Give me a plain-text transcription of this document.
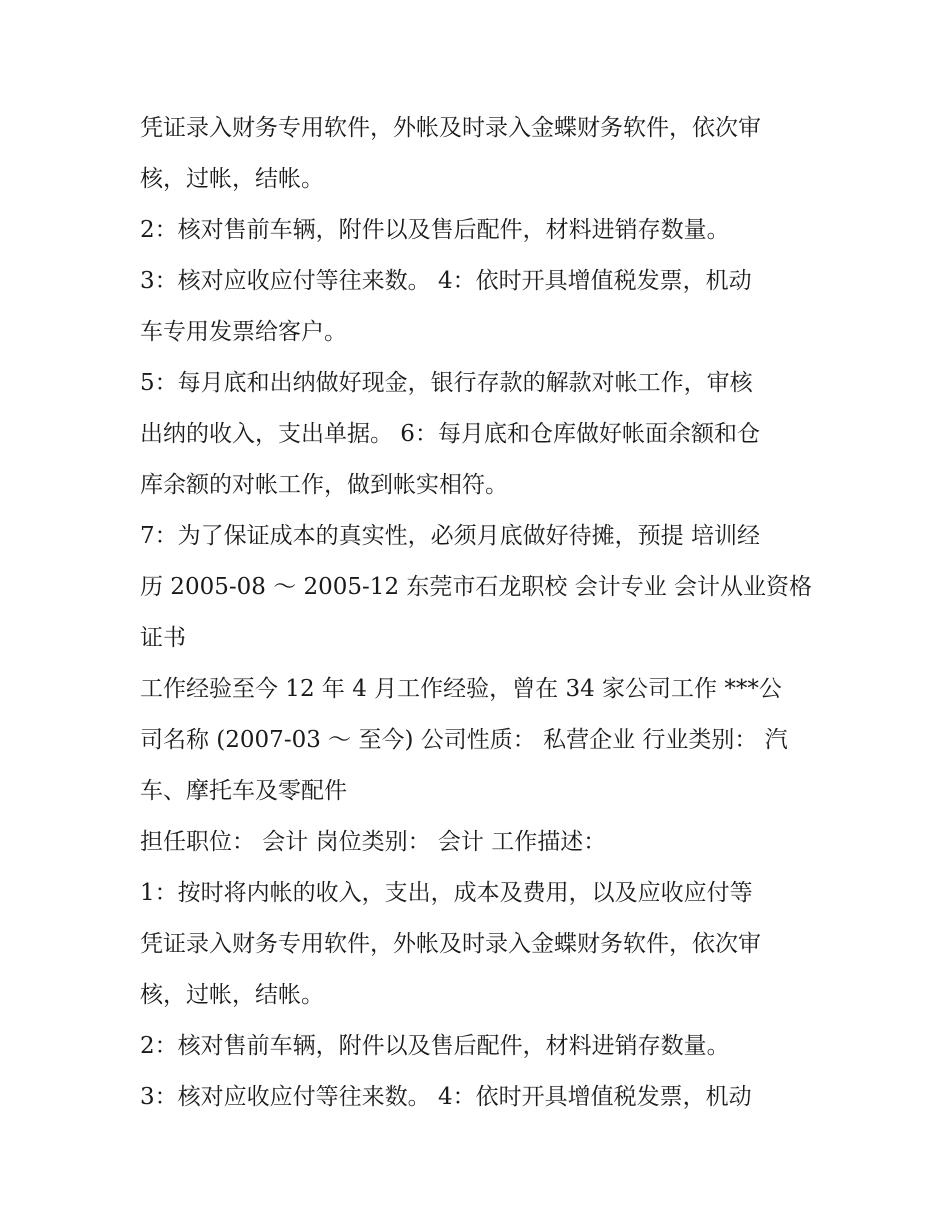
凭证录入财务专用软件，外帐及时录入金蝶财务软件，依次审
核，过帐，结帐。
2：核对售前车辆，附件以及售后配件，材料进销存数量。
3：核对应收应付等往来数。 4：依时开具增值税发票，机动
车专用发票给客户。
5：每月底和出纳做好现金，银行存款的解款对帐工作，审核
出纳的收入，支出单据。 6：每月底和仓库做好帐面余额和仓
库余额的对帐工作，做到帐实相符。
7：为了保证成本的真实性，必须月底做好待摊，预提 培训经
历 2005-08 ～ 2005-12 东莞市石龙职校 会计专业 会计从业资格
证书
工作经验至今 12 年 4 月工作经验，曾在 34 家公司工作 ***公
司名称 (2007-03 ～ 至今) 公司性质： 私营企业 行业类别： 汽
车、摩托车及零配件
担任职位： 会计 岗位类别： 会计 工作描述：
1：按时将内帐的收入，支出，成本及费用，以及应收应付等
凭证录入财务专用软件，外帐及时录入金蝶财务软件，依次审
核，过帐，结帐。
2：核对售前车辆，附件以及售后配件，材料进销存数量。
3：核对应收应付等往来数。 4：依时开具增值税发票，机动
